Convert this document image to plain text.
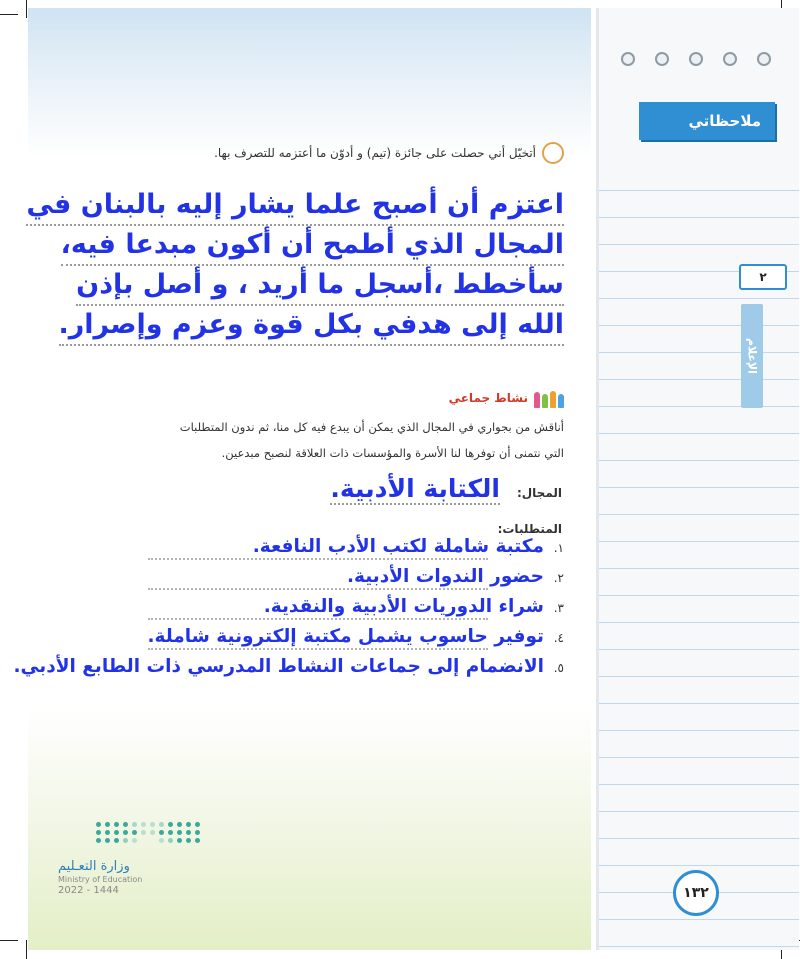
ملاحظاتي
٢
الإعلام
١٣٢
أتخيّل أني حصلت على جائزة (تيم) و أدوّن ما أعتزمه للتصرف بها.
اعتزم أن أصبح علما يشار إليه بالبنان في
المجال الذي أطمح أن أكون مبدعا فيه،
سأخطط ،أسجل ما أريد ، و أصل بإذن
الله إلى هدفي بكل قوة وعزم وإصرار.
نشاط جماعي
أناقش من بجواري في المجال الذي يمكن أن يبدع فيه كل منا، ثم ندون المتطلبات
التي نتمنى أن توفرها لنا الأسرة والمؤسسات ذات العلاقة لنصبح مبدعين.
المجال:
الكتابة الأدبية.
المتطلبات:
١.
مكتبة شاملة لكتب الأدب النافعة.
٢.
حضور الندوات الأدبية.
٣.
شراء الدوريات الأدبية والنقدية.
٤.
توفير حاسوب يشمل مكتبة إلكترونية شاملة.
٥.
الانضمام إلى جماعات النشاط المدرسي ذات الطابع الأدبي.
وزارة التعـليم
Ministry of Education
2022 - 1444
